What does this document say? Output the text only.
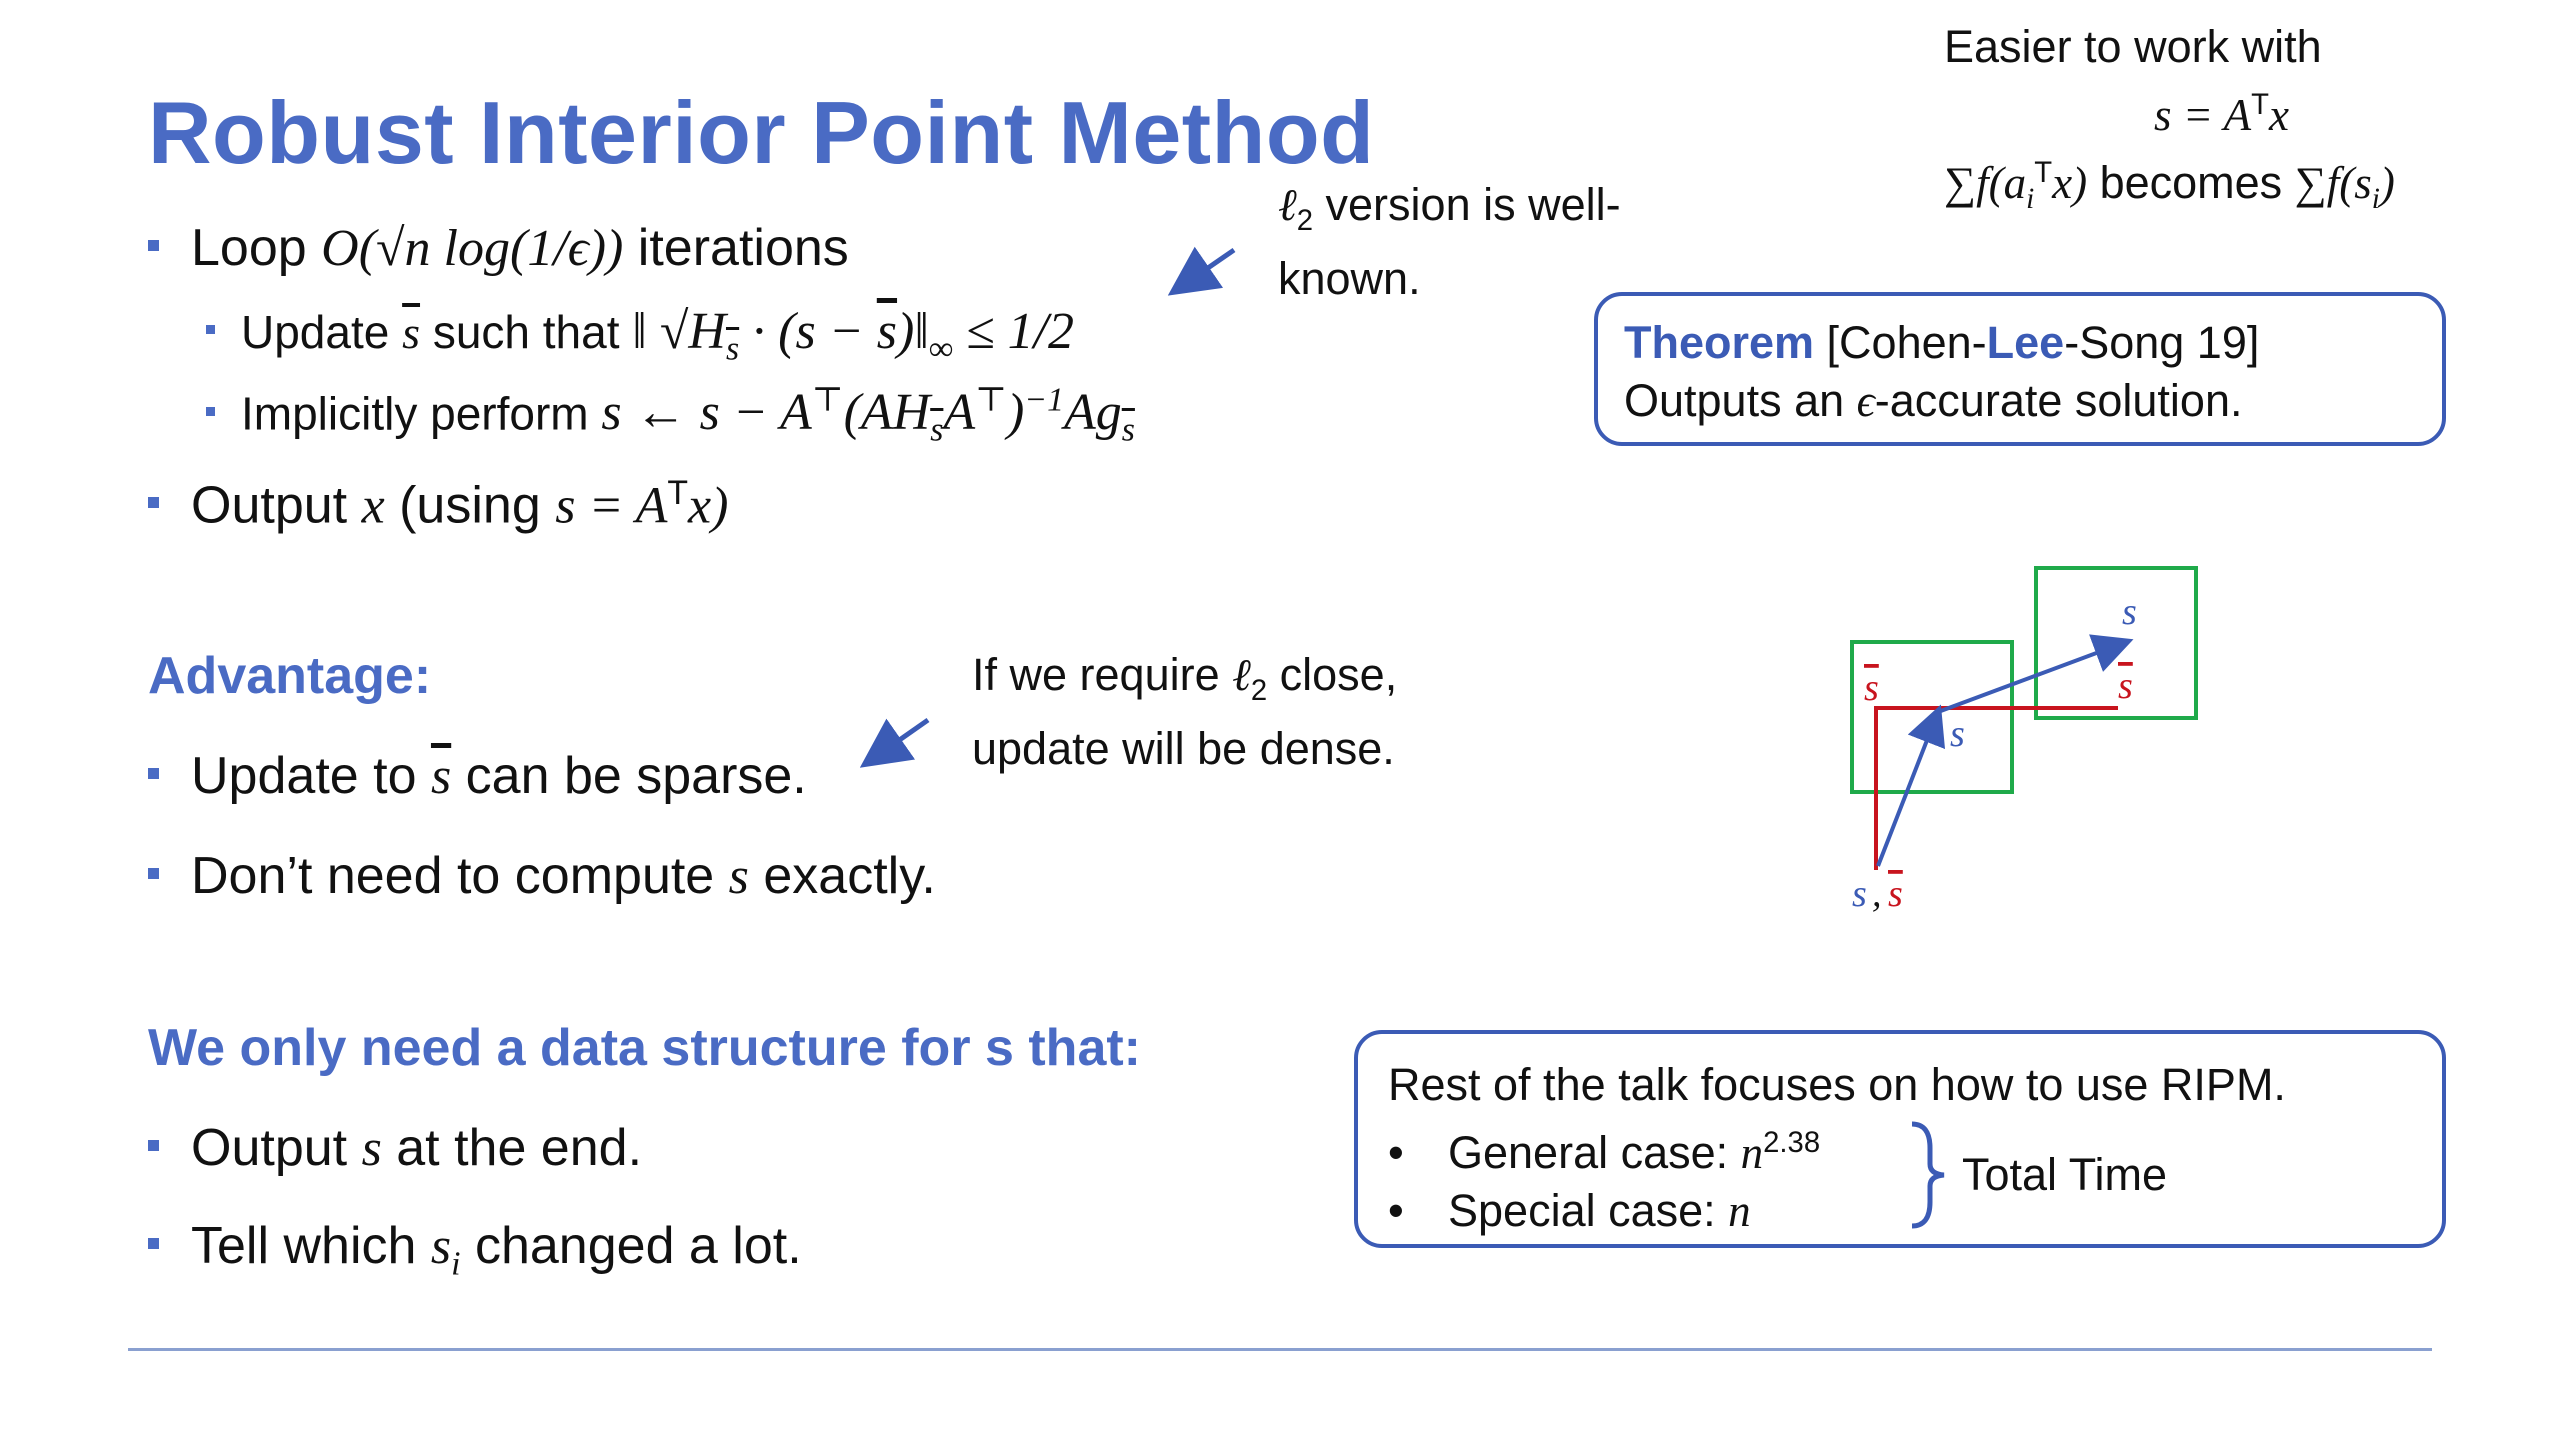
Robust Interior Point Method
Easier to work with
$s = A^Tx$
$\sum f(a_i^Tx)$ becomes $\sum f(s_i)$
Loop O(√n log(1/ϵ)) iterations
ℓ$_2$ version is well-
known.
Update $\overline{s}$ such that ‖ $√H_{\overline{s}} \cdot (s$ − $\overline{s})‖_\infty \le 1/2$
Implicitly perform s ← $s - A^⊤(AH_{\overline{s}}A^⊤)^{-1}Ag_{\overline{s}}$
Output x (using $s = A^Tx$)
Theorem [Cohen-Lee-Song 19]
Outputs an ϵ-accurate solution.
Advantage:	If we require ℓ$_2$ close,
update will be dense.
Update to $\overline{s}$ can be sparse.
Don’t need to compute s exactly.
s
s
s
s
s , s
We only need a data structure for s that:
Output s at the end.
Tell which $s_i$ changed a lot.
Rest of the talk focuses on how to use RIPM.
• General case: $n^{2.38}$
• Special case: n
Total Time
